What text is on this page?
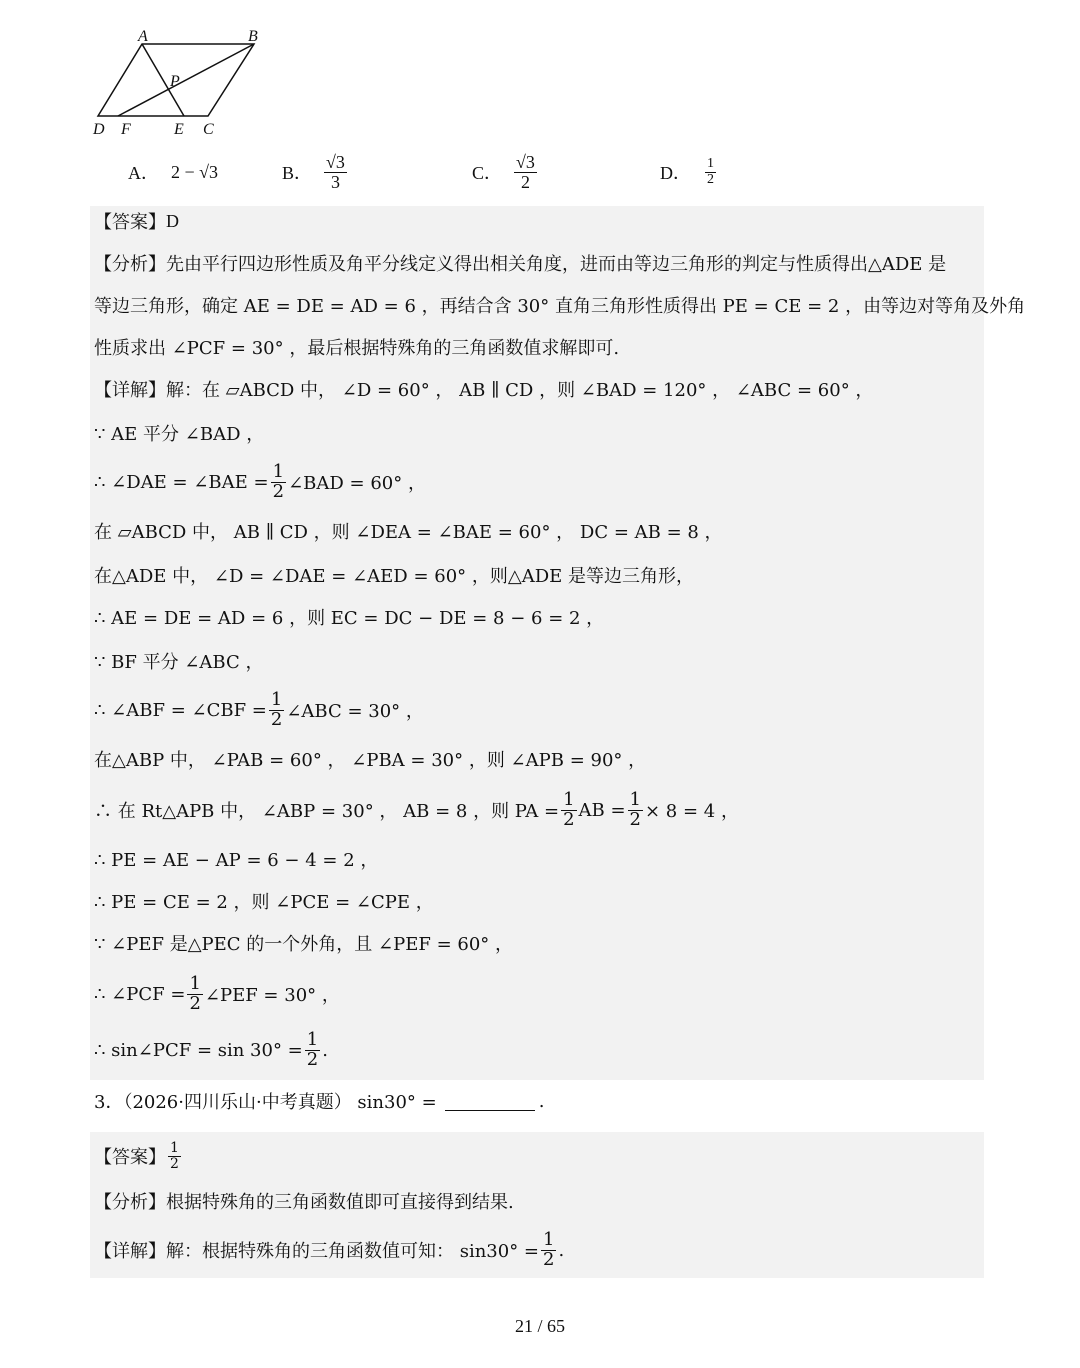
A	B
P
D F	E C
A． 2 − √3	B． $\frac{√3}{3}$	C． $\frac{√3}{2}$	D． $\frac{1}{2}$
【答案】 D
【分析】 先由平行四边形性质及角平分线定义得出相关角度，进而由等边三角形的判定与性质得出△ADE 是
等边三角形，确定 AE = DE = AD = 6 ，再结合含 30° 直角三角形性质得出 PE = CE = 2 ，由等边对等角及外角
性质求出 ∠PCF = 30° ，最后根据特殊角的三角函数值求解即可.
【详解】 解：在 ▱ABCD 中， ∠D = 60° ， AB ∥ CD ，则 ∠BAD = 120° ， ∠ABC = 60° ，
∵ AE 平分 ∠BAD ，
∴ ∠DAE = ∠BAE = $\frac{1}{2}$ ∠BAD = 60° ，
在 ▱ABCD 中， AB ∥ CD ，则 ∠DEA = ∠BAE = 60° ， DC = AB = 8 ，
在△ADE 中， ∠D = ∠DAE = ∠AED = 60° ，则△ADE 是等边三角形，
∴ AE = DE = AD = 6 ，则 EC = DC − DE = 8 − 6 = 2 ，
∵ BF 平分 ∠ABC ，
∴ ∠ABF = ∠CBF = $\frac{1}{2}$ ∠ABC = 30° ，
在△ABP 中， ∠PAB = 60° ， ∠PBA = 30° ，则 ∠APB = 90° ，
∴ 在 Rt△APB 中， ∠ABP = 30° ， AB = 8 ，则 PA = $\frac{1}{2}$ AB = $\frac{1}{2} \times 8 = 4$ ，
∴ PE = AE − AP = 6 − 4 = 2 ，
∴ PE = CE = 2 ，则 ∠PCE = ∠CPE ，
∵ ∠PEF 是△PEC 的一个外角，且 ∠PEF = 60° ，
∴ ∠PCF = $\frac{1}{2}$ ∠PEF = 30° ，
∴ sin∠PCF = $\sin 30^\circ = \frac{1}{2}$ .
3．（2026·四川乐山·中考真题） sin30° =	.
【答案】 $\frac{1}{2}$
【分析】 根据特殊角的三角函数值即可直接得到结果.
【详解】 解：根据特殊角的三角函数值可知： $\sin 30^\circ = \frac{1}{2}$ .
21 / 65
